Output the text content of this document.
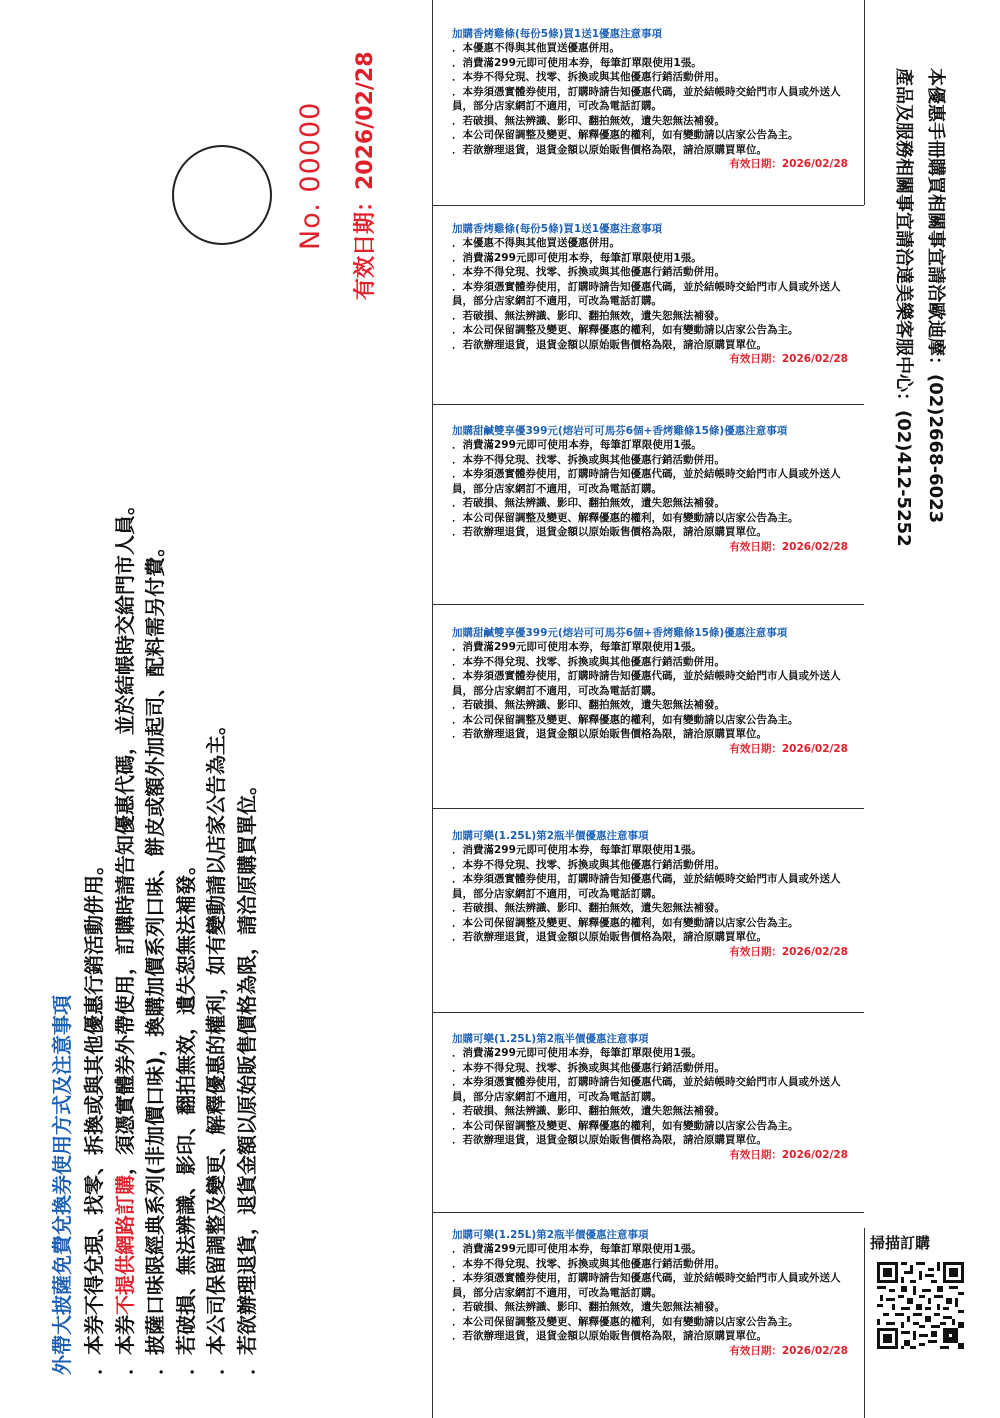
外帶大披薩免費兌換券使用方式及注意事項 ．本券不得兌現、找零、拆換或與其他優惠行銷活動併用。 ．本券不提供網路訂購，須憑實體券外帶使用，訂購時請告知優惠代碼，並於結帳時交給門市人員。 ．披薩口味限經典系列(非加價口味)，換購加價系列口味、餅皮或額外加起司、配料需另付費。 ．若破損、無法辨識、影印、翻拍無效，遺失恕無法補發。 ．本公司保留調整及變更、解釋優惠的權利，如有變動請以店家公告為主。 ．若欲辦理退貨，退貨金額以原始販售價格為限，請洽原購買單位。
No. 00000 有效日期：2026/02/28
加購香烤雞條(每份5條)買1送1優惠注意事項
．本優惠不得與其他買送優惠併用。
．消費滿299元即可使用本券，每筆訂單限使用1張。
．本券不得兌現、找零、拆換或與其他優惠行銷活動併用。
．本券須憑實體券使用，訂購時請告知優惠代碼，並於結帳時交給門市人員或外送人員，部分店家網訂不適用，可改為電話訂購。
．若破損、無法辨識、影印、翻拍無效，遺失恕無法補發。
．本公司保留調整及變更、解釋優惠的權利，如有變動請以店家公告為主。
．若欲辦理退貨，退貨金額以原始販售價格為限，請洽原購買單位。
有效日期：2026/02/28
加購香烤雞條(每份5條)買1送1優惠注意事項
．本優惠不得與其他買送優惠併用。
．消費滿299元即可使用本券，每筆訂單限使用1張。
．本券不得兌現、找零、拆換或與其他優惠行銷活動併用。
．本券須憑實體券使用，訂購時請告知優惠代碼，並於結帳時交給門市人員或外送人員，部分店家網訂不適用，可改為電話訂購。
．若破損、無法辨識、影印、翻拍無效，遺失恕無法補發。
．本公司保留調整及變更、解釋優惠的權利，如有變動請以店家公告為主。
．若欲辦理退貨，退貨金額以原始販售價格為限，請洽原購買單位。
有效日期：2026/02/28
加購甜鹹雙享優399元(熔岩可可馬芬6個+香烤雞條15條)優惠注意事項
．消費滿299元即可使用本券，每筆訂單限使用1張。
．本券不得兌現、找零、拆換或與其他優惠行銷活動併用。
．本券須憑實體券使用，訂購時請告知優惠代碼，並於結帳時交給門市人員或外送人員，部分店家網訂不適用，可改為電話訂購。
．若破損、無法辨識、影印、翻拍無效，遺失恕無法補發。
．本公司保留調整及變更、解釋優惠的權利，如有變動請以店家公告為主。
．若欲辦理退貨，退貨金額以原始販售價格為限，請洽原購買單位。
有效日期：2026/02/28
加購甜鹹雙享優399元(熔岩可可馬芬6個+香烤雞條15條)優惠注意事項
．消費滿299元即可使用本券，每筆訂單限使用1張。
．本券不得兌現、找零、拆換或與其他優惠行銷活動併用。
．本券須憑實體券使用，訂購時請告知優惠代碼，並於結帳時交給門市人員或外送人員，部分店家網訂不適用，可改為電話訂購。
．若破損、無法辨識、影印、翻拍無效，遺失恕無法補發。
．本公司保留調整及變更、解釋優惠的權利，如有變動請以店家公告為主。
．若欲辦理退貨，退貨金額以原始販售價格為限，請洽原購買單位。
有效日期：2026/02/28
加購可樂(1.25L)第2瓶半價優惠注意事項
．消費滿299元即可使用本券，每筆訂單限使用1張。
．本券不得兌現、找零、拆換或與其他優惠行銷活動併用。
．本券須憑實體券使用，訂購時請告知優惠代碼，並於結帳時交給門市人員或外送人員，部分店家網訂不適用，可改為電話訂購。
．若破損、無法辨識、影印、翻拍無效，遺失恕無法補發。
．本公司保留調整及變更、解釋優惠的權利，如有變動請以店家公告為主。
．若欲辦理退貨，退貨金額以原始販售價格為限，請洽原購買單位。
有效日期：2026/02/28
加購可樂(1.25L)第2瓶半價優惠注意事項
．消費滿299元即可使用本券，每筆訂單限使用1張。
．本券不得兌現、找零、拆換或與其他優惠行銷活動併用。
．本券須憑實體券使用，訂購時請告知優惠代碼，並於結帳時交給門市人員或外送人員，部分店家網訂不適用，可改為電話訂購。
．若破損、無法辨識、影印、翻拍無效，遺失恕無法補發。
．本公司保留調整及變更、解釋優惠的權利，如有變動請以店家公告為主。
．若欲辦理退貨，退貨金額以原始販售價格為限，請洽原購買單位。
有效日期：2026/02/28
加購可樂(1.25L)第2瓶半價優惠注意事項
．消費滿299元即可使用本券，每筆訂單限使用1張。
．本券不得兌現、找零、拆換或與其他優惠行銷活動併用。
．本券須憑實體券使用，訂購時請告知優惠代碼，並於結帳時交給門市人員或外送人員，部分店家網訂不適用，可改為電話訂購。
．若破損、無法辨識、影印、翻拍無效，遺失恕無法補發。
．本公司保留調整及變更、解釋優惠的權利，如有變動請以店家公告為主。
．若欲辦理退貨，退貨金額以原始販售價格為限，請洽原購買單位。
有效日期：2026/02/28
本優惠手冊購買相關事宜請洽歐迪摩：(02)2668-6023
產品及服務相關事宜請洽達美樂客服中心：(02)412-5252
掃描訂購
